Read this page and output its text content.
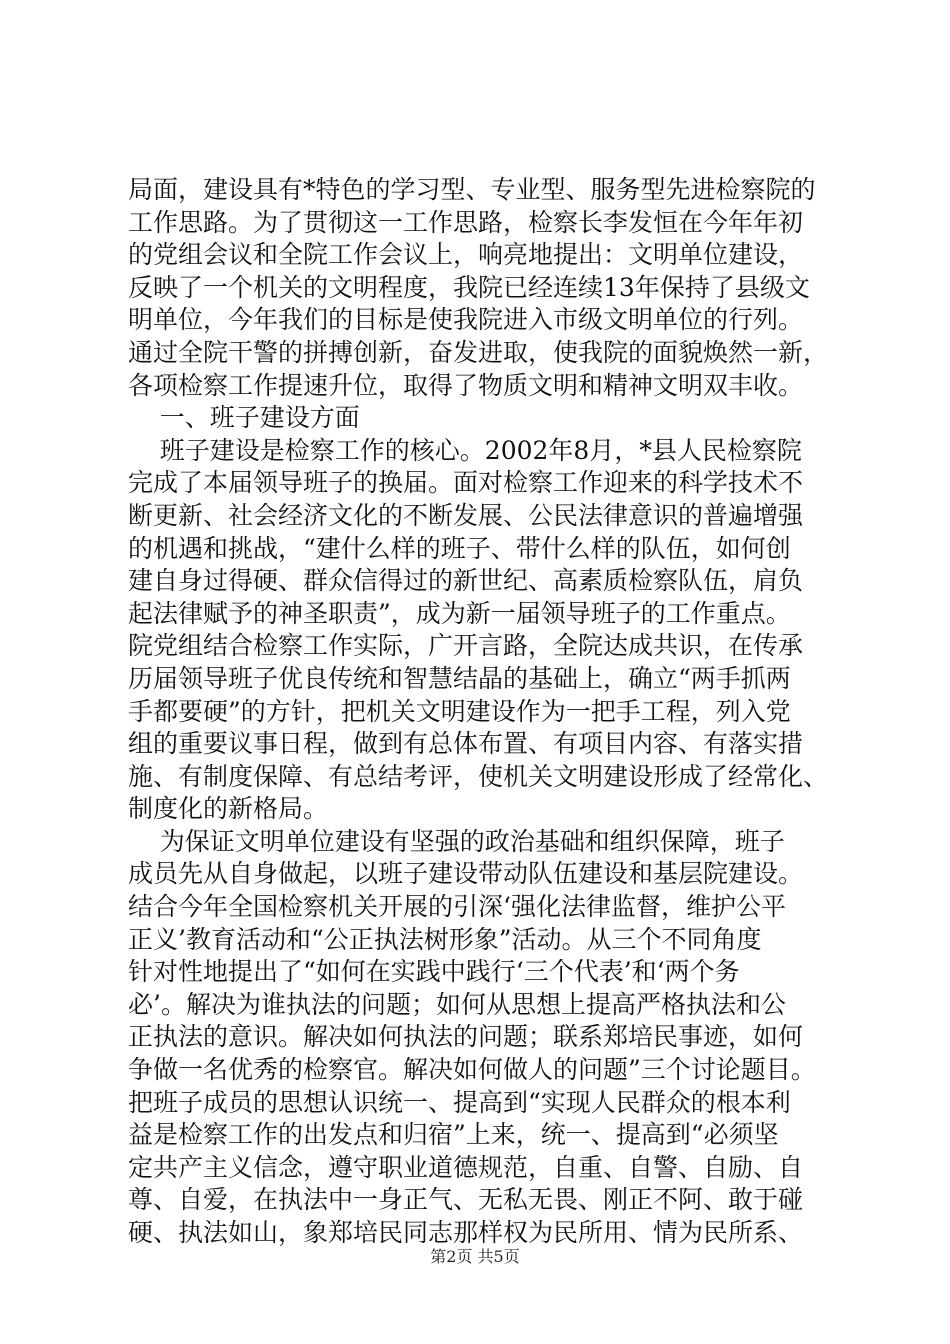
局面，建设具有*特色的学习型、专业型、服务型先进检察院的
工作思路。为了贯彻这一工作思路，检察长李发恒在今年年初
的党组会议和全院工作会议上，响亮地提出：文明单位建设，
反映了一个机关的文明程度，我院已经连续13年保持了县级文
明单位，今年我们的目标是使我院进入市级文明单位的行列。
通过全院干警的拼搏创新，奋发进取，使我院的面貌焕然一新，
各项检察工作提速升位，取得了物质文明和精神文明双丰收。
一、班子建设方面
班子建设是检察工作的核心。2002年8月，*县人民检察院
完成了本届领导班子的换届。面对检察工作迎来的科学技术不
断更新、社会经济文化的不断发展、公民法律意识的普遍增强
的机遇和挑战，“建什么样的班子、带什么样的队伍，如何创
建自身过得硬、群众信得过的新世纪、高素质检察队伍，肩负
起法律赋予的神圣职责”，成为新一届领导班子的工作重点。
院党组结合检察工作实际，广开言路，全院达成共识，在传承
历届领导班子优良传统和智慧结晶的基础上，确立“两手抓两
手都要硬”的方针，把机关文明建设作为一把手工程，列入党
组的重要议事日程，做到有总体布置、有项目内容、有落实措
施、有制度保障、有总结考评，使机关文明建设形成了经常化、
制度化的新格局。
为保证文明单位建设有坚强的政治基础和组织保障，班子
成员先从自身做起，以班子建设带动队伍建设和基层院建设。
结合今年全国检察机关开展的引深‘强化法律监督，维护公平
正义’教育活动和“公正执法树形象”活动。从三个不同角度
针对性地提出了“如何在实践中践行‘三个代表’和‘两个务
必’。解决为谁执法的问题；如何从思想上提高严格执法和公
正执法的意识。解决如何执法的问题；联系郑培民事迹，如何
争做一名优秀的检察官。解决如何做人的问题”三个讨论题目。
把班子成员的思想认识统一、提高到“实现人民群众的根本利
益是检察工作的出发点和归宿”上来，统一、提高到“必须坚
定共产主义信念，遵守职业道德规范，自重、自警、自励、自
尊、自爱，在执法中一身正气、无私无畏、刚正不阿、敢于碰
硬、执法如山，象郑培民同志那样权为民所用、情为民所系、
第2页 共5页
